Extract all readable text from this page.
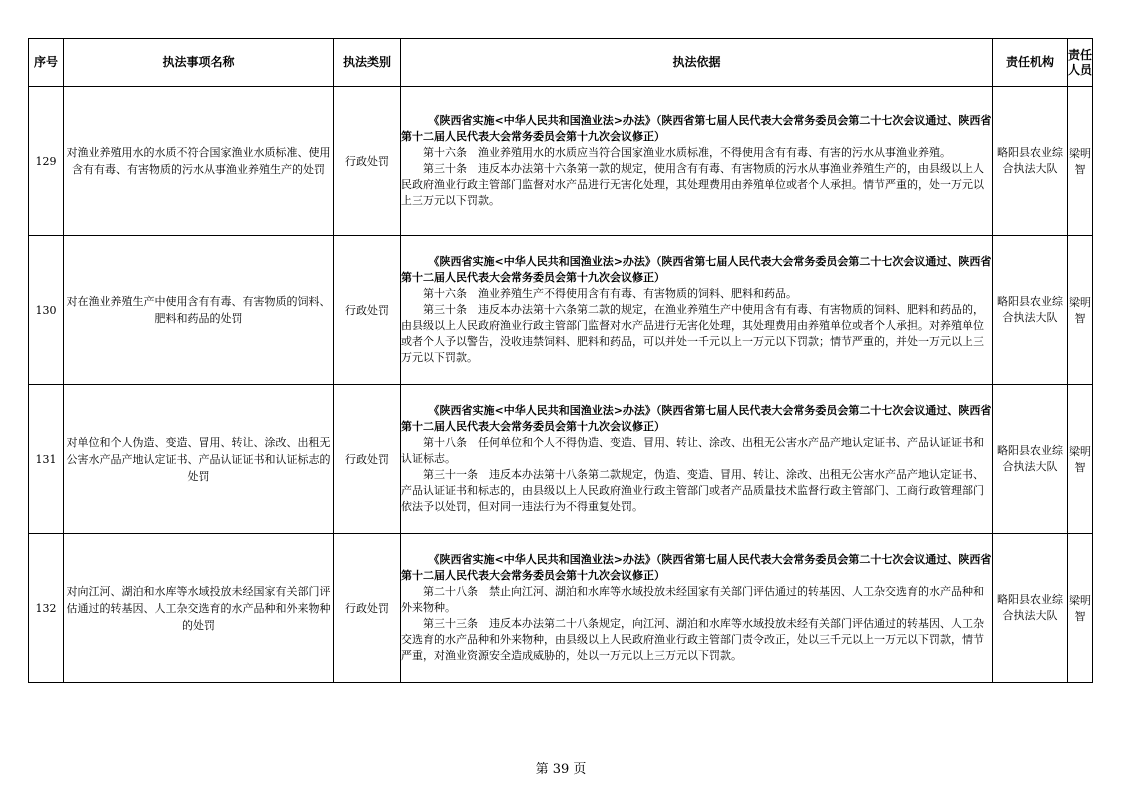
序号	执法事项名称	执法类别	执法依据	责任机构	责任人员
129	对渔业养殖用水的水质不符合国家渔业水质标准、使用含有有毒、有害物质的污水从事渔业养殖生产的处罚	行政处罚	《陕西省实施<中华人民共和国渔业法>办法》（陕西省第七届人民代表大会常务委员会第二十七次会议通过、陕西省第十二届人民代表大会常务委员会第十九次会议修正）

第十六条　渔业养殖用水的水质应当符合国家渔业水质标准，不得使用含有有毒、有害的污水从事渔业养殖。

第三十条　违反本办法第十六条第一款的规定，使用含有有毒、有害物质的污水从事渔业养殖生产的，由县级以上人民政府渔业行政主管部门监督对水产品进行无害化处理，其处理费用由养殖单位或者个人承担。情节严重的，处一万元以上三万元以下罚款。	略阳县农业综合执法大队	梁明智
130	对在渔业养殖生产中使用含有有毒、有害物质的饲料、肥料和药品的处罚	行政处罚	《陕西省实施<中华人民共和国渔业法>办法》（陕西省第七届人民代表大会常务委员会第二十七次会议通过、陕西省第十二届人民代表大会常务委员会第十九次会议修正）

第十六条　渔业养殖生产不得使用含有有毒、有害物质的饲料、肥料和药品。

第三十条　违反本办法第十六条第二款的规定，在渔业养殖生产中使用含有有毒、有害物质的饲料、肥料和药品的，由县级以上人民政府渔业行政主管部门监督对水产品进行无害化处理，其处理费用由养殖单位或者个人承担。对养殖单位或者个人予以警告，没收违禁饲料、肥料和药品，可以并处一千元以上一万元以下罚款；情节严重的，并处一万元以上三万元以下罚款。	略阳县农业综合执法大队	梁明智
131	对单位和个人伪造、变造、冒用、转让、涂改、出租无公害水产品产地认定证书、产品认证证书和认证标志的处罚	行政处罚	《陕西省实施<中华人民共和国渔业法>办法》（陕西省第七届人民代表大会常务委员会第二十七次会议通过、陕西省第十二届人民代表大会常务委员会第十九次会议修正）

第十八条　任何单位和个人不得伪造、变造、冒用、转让、涂改、出租无公害水产品产地认定证书、产品认证证书和认证标志。

第三十一条　违反本办法第十八条第二款规定，伪造、变造、冒用、转让、涂改、出租无公害水产品产地认定证书、产品认证证书和标志的，由县级以上人民政府渔业行政主管部门或者产品质量技术监督行政主管部门、工商行政管理部门依法予以处罚，但对同一违法行为不得重复处罚。	略阳县农业综合执法大队	梁明智
132	对向江河、湖泊和水库等水域投放未经国家有关部门评估通过的转基因、人工杂交选育的水产品种和外来物种的处罚	行政处罚	《陕西省实施<中华人民共和国渔业法>办法》（陕西省第七届人民代表大会常务委员会第二十七次会议通过、陕西省第十二届人民代表大会常务委员会第十九次会议修正）

第二十八条　禁止向江河、湖泊和水库等水域投放未经国家有关部门评估通过的转基因、人工杂交选育的水产品种和外来物种。

第三十三条　违反本办法第二十八条规定，向江河、湖泊和水库等水域投放未经有关部门评估通过的转基因、人工杂交选育的水产品种和外来物种，由县级以上人民政府渔业行政主管部门责令改正，处以三千元以上一万元以下罚款，情节严重，对渔业资源安全造成威胁的，处以一万元以上三万元以下罚款。	略阳县农业综合执法大队	梁明智
第 39 页
